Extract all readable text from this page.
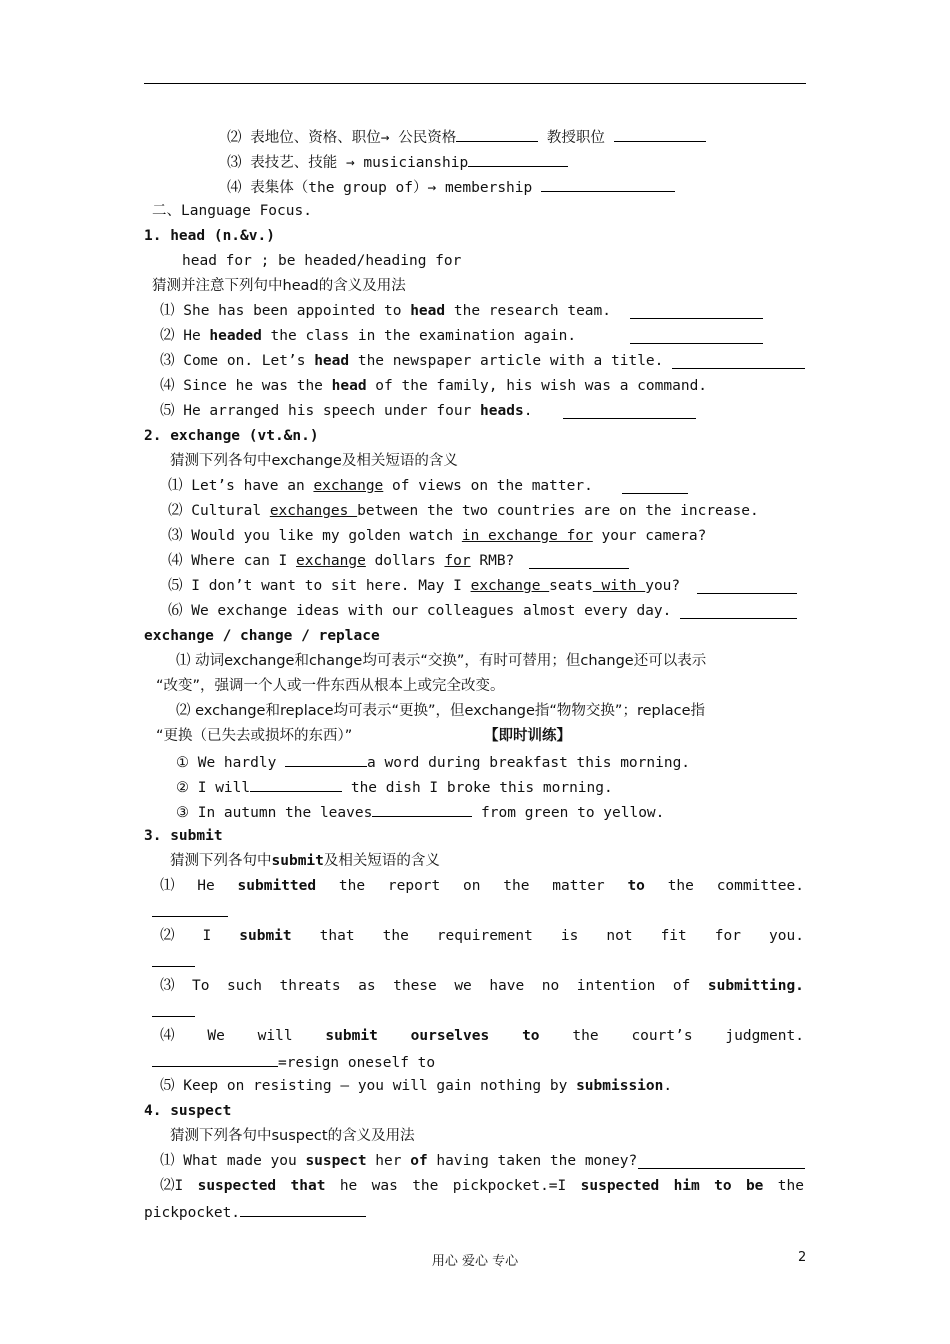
⑵ 表地位、资格、职位→ 公民资格	教授职位
⑶ 表技艺、技能 → musicianship
⑷ 表集体（the group of）→ membership
二、Language Focus.
1. head (n.&v.)
head for ; be headed/heading for
猜测并注意下列句中head的含义及用法
⑴ She has been appointed to head the research team.
⑵ He headed the class in the examination again.
⑶ Come on. Let’s head the newspaper article with a title.
⑷ Since he was the head of the family, his wish was a command.
⑸ He arranged his speech under four heads.
2. exchange (vt.&n.)
猜测下列各句中exchange及相关短语的含义
⑴ Let’s have an exchange of views on the matter.
⑵ Cultural exchanges between the two countries are on the increase.
⑶ Would you like my golden watch in exchange for your camera?
⑷ Where can I exchange dollars for RMB?
⑸ I don’t want to sit here. May I exchange seats with you?
⑹ We exchange ideas with our colleagues almost every day.
exchange / change / replace
⑴ 动词exchange和change均可表示“交换”，有时可替用；但change还可以表示
“改变”，强调一个人或一件东西从根本上或完全改变。
⑵ exchange和replace均可表示“更换”，但exchange指“物物交换”；replace指
“更换（已失去或损坏的东西）”	【即时训练】
① We hardly	a word during breakfast this morning.
② I will	the dish I broke this morning.
③ In autumn the leaves	from green to yellow.
3. submit
猜测下列各句中submit及相关短语的含义
⑴ He submitted the report on the matter to the committee.
⑵ I submit that the requirement is not fit for you.
⑶ To such threats as these we have no intention of submitting.
⑷ We will submit ourselves to the court’s judgment.
=resign oneself to
⑸ Keep on resisting — you will gain nothing by submission.
4. suspect
猜测下列各句中suspect的含义及用法
⑴ What made you suspect her of having taken the money?
⑵I suspected that he was the pickpocket.=I suspected him to be the
pickpocket.
用心 爱心 专心	2
